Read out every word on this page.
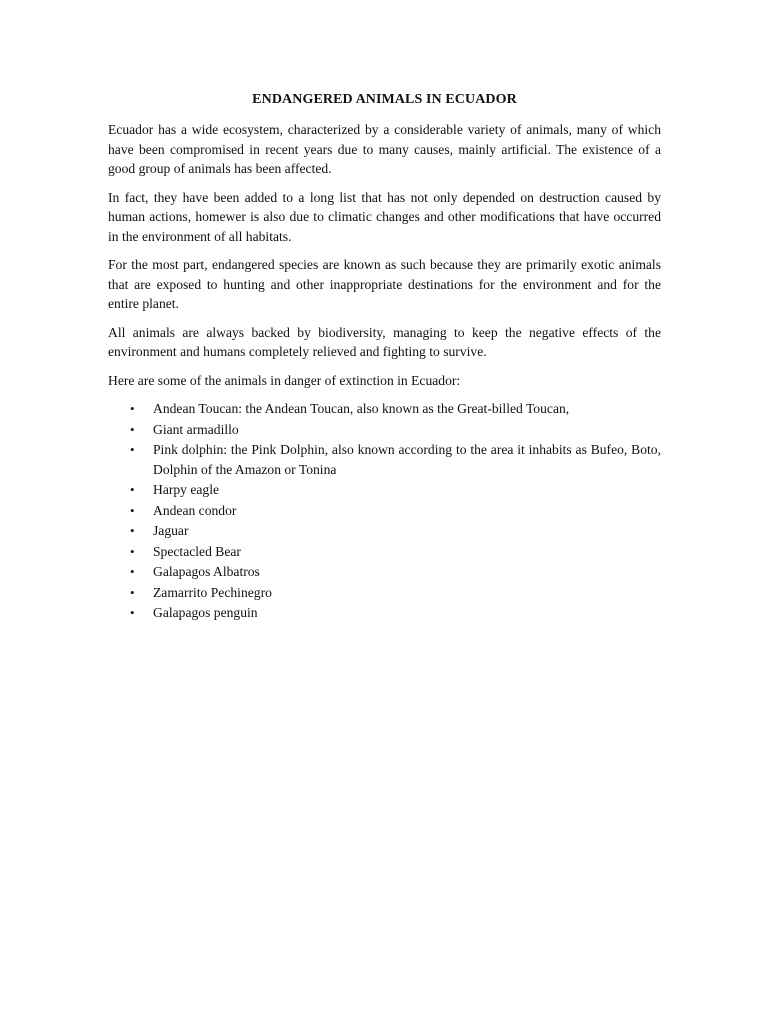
ENDANGERED ANIMALS IN ECUADOR

Ecuador has a wide ecosystem, characterized by a considerable variety of animals, many of which have been compromised in recent years due to many causes, mainly artificial. The existence of a good group of animals has been affected.

In fact, they have been added to a long list that has not only depended on destruction caused by human actions, homewer is also due to climatic changes and other modifications that have occurred in the environment of all habitats.

For the most part, endangered species are known as such because they are primarily exotic animals that are exposed to hunting and other inappropriate destinations for the environment and for the entire planet.

All animals are always backed by biodiversity, managing to keep the negative effects of the environment and humans completely relieved and fighting to survive.

Here are some of the animals in danger of extinction in Ecuador:

• Andean Toucan: the Andean Toucan, also known as the Great-billed Toucan,
• Giant armadillo
• Pink dolphin: the Pink Dolphin, also known according to the area it inhabits as Bufeo, Boto, Dolphin of the Amazon or Tonina
• Harpy eagle
• Andean condor
• Jaguar
• Spectacled Bear
• Galapagos Albatros
• Zamarrito Pechinegro
• Galapagos penguin
